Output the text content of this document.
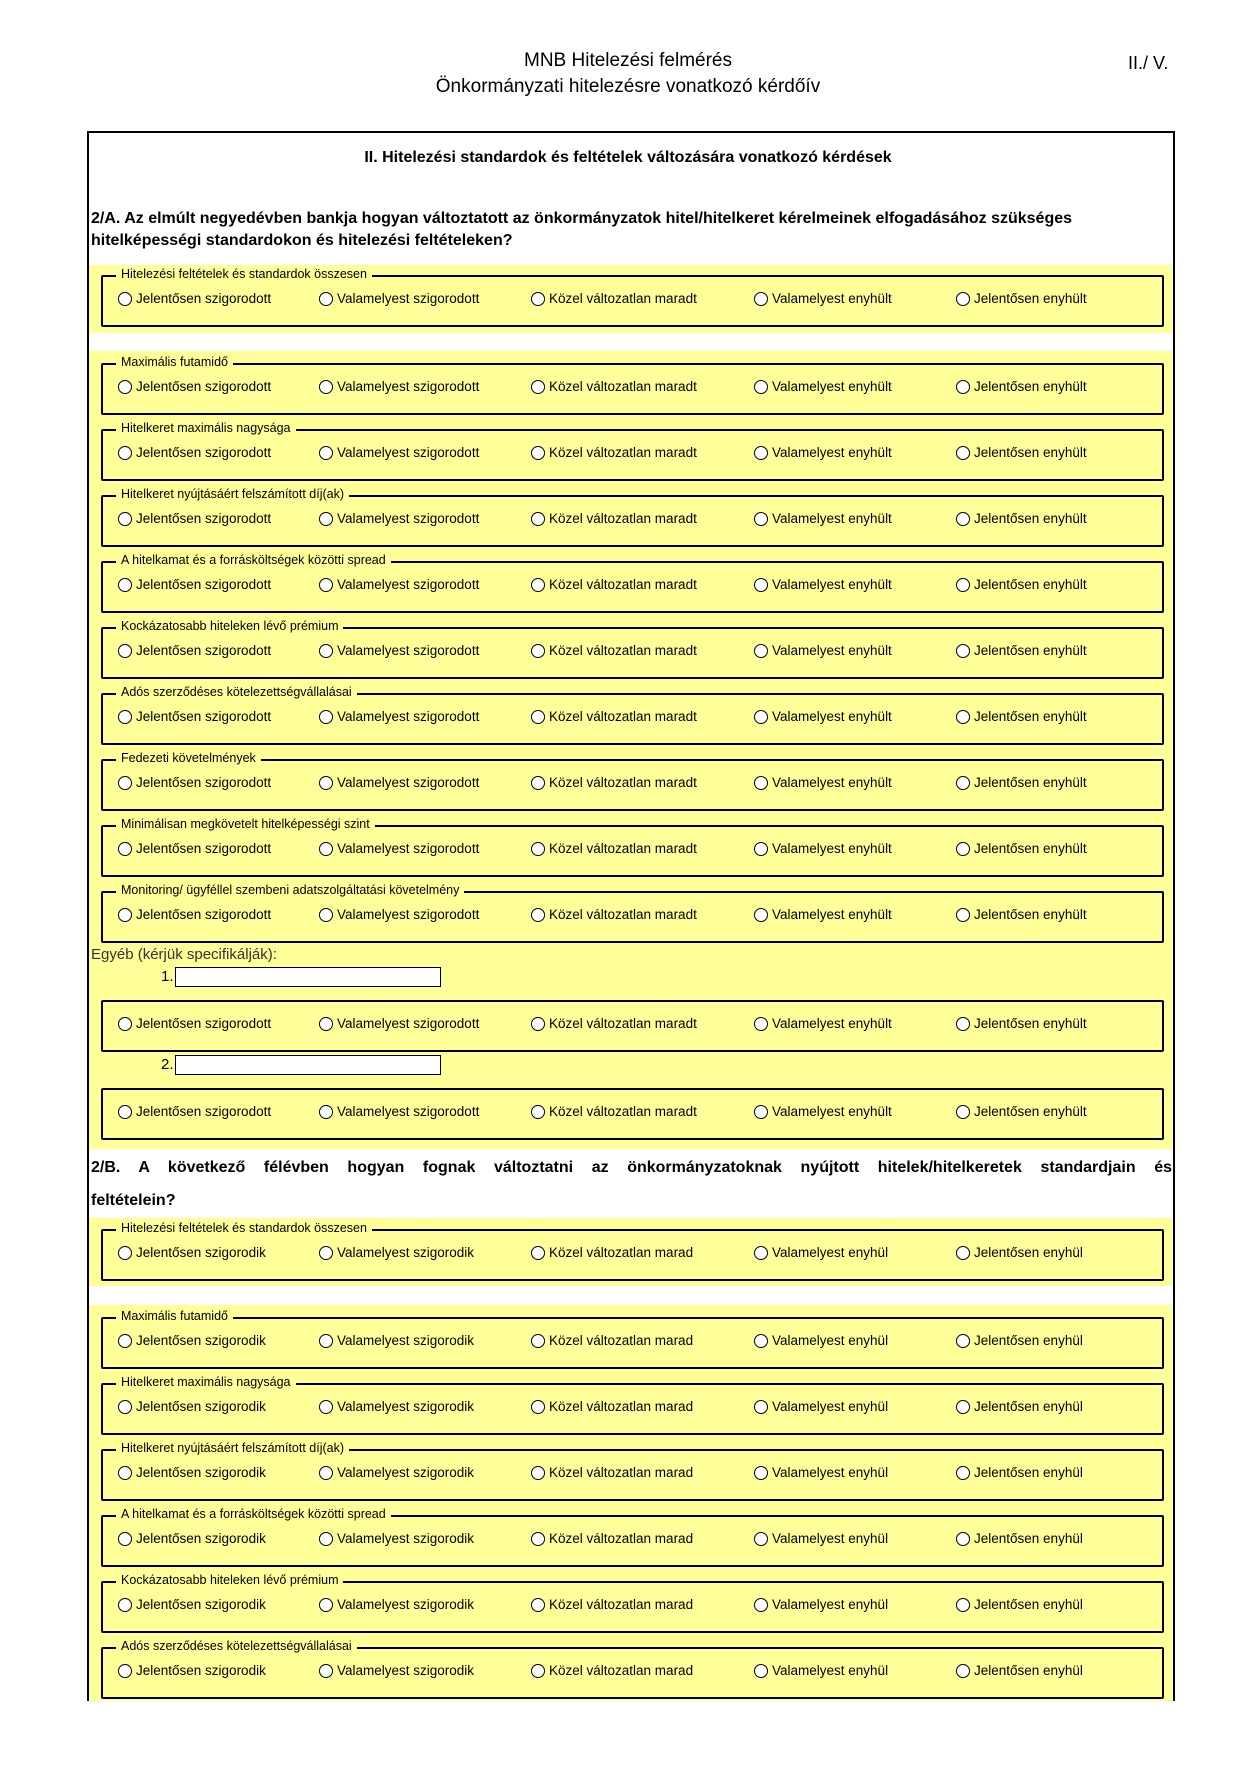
MNB Hitelezési felmérés
Önkormányzati hitelezésre vonatkozó kérdőív
II./ V.
II. Hitelezési standardok és feltételek változására vonatkozó kérdések
2/A. Az elmúlt negyedévben bankja hogyan változtatott az önkormányzatok hitel/hitelkeret kérelmeinek elfogadásához szükséges hitelképességi standardokon és hitelezési feltételeken?
2/B. A következő félévben hogyan fognak változtatni az önkormányzatoknak nyújtott hitelek/hitelkeretek standardjain és
feltételein?
Hitelezési feltételek és standardok összesen
Jelentősen szigorodott	Valamelyest szigorodott	Közel változatlan maradt	Valamelyest enyhült	Jelentősen enyhült
Maximális futamidő
Jelentősen szigorodott	Valamelyest szigorodott	Közel változatlan maradt	Valamelyest enyhült	Jelentősen enyhült
Hitelkeret maximális nagysága
Jelentősen szigorodott	Valamelyest szigorodott	Közel változatlan maradt	Valamelyest enyhült	Jelentősen enyhült
Hitelkeret nyújtásáért felszámított díj(ak)
Jelentősen szigorodott	Valamelyest szigorodott	Közel változatlan maradt	Valamelyest enyhült	Jelentősen enyhült
A hitelkamat és a forrásköltségek közötti spread
Jelentősen szigorodott	Valamelyest szigorodott	Közel változatlan maradt	Valamelyest enyhült	Jelentősen enyhült
Kockázatosabb hiteleken lévő prémium
Jelentősen szigorodott	Valamelyest szigorodott	Közel változatlan maradt	Valamelyest enyhült	Jelentősen enyhült
Adós szerződéses kötelezettségvállalásai
Jelentősen szigorodott	Valamelyest szigorodott	Közel változatlan maradt	Valamelyest enyhült	Jelentősen enyhült
Fedezeti követelmények
Jelentősen szigorodott	Valamelyest szigorodott	Közel változatlan maradt	Valamelyest enyhült	Jelentősen enyhült
Minimálisan megkövetelt hitelképességi szint
Jelentősen szigorodott	Valamelyest szigorodott	Közel változatlan maradt	Valamelyest enyhült	Jelentősen enyhült
Monitoring/ ügyféllel szembeni adatszolgáltatási követelmény
Jelentősen szigorodott	Valamelyest szigorodott	Közel változatlan maradt	Valamelyest enyhült	Jelentősen enyhült
Jelentősen szigorodott	Valamelyest szigorodott	Közel változatlan maradt	Valamelyest enyhült	Jelentősen enyhült
Jelentősen szigorodott	Valamelyest szigorodott	Közel változatlan maradt	Valamelyest enyhült	Jelentősen enyhült
Hitelezési feltételek és standardok összesen
Jelentősen szigorodik	Valamelyest szigorodik	Közel változatlan marad	Valamelyest enyhül	Jelentősen enyhül
Maximális futamidő
Jelentősen szigorodik	Valamelyest szigorodik	Közel változatlan marad	Valamelyest enyhül	Jelentősen enyhül
Hitelkeret maximális nagysága
Jelentősen szigorodik	Valamelyest szigorodik	Közel változatlan marad	Valamelyest enyhül	Jelentősen enyhül
Hitelkeret nyújtásáért felszámított díj(ak)
Jelentősen szigorodik	Valamelyest szigorodik	Közel változatlan marad	Valamelyest enyhül	Jelentősen enyhül
A hitelkamat és a forrásköltségek közötti spread
Jelentősen szigorodik	Valamelyest szigorodik	Közel változatlan marad	Valamelyest enyhül	Jelentősen enyhül
Kockázatosabb hiteleken lévő prémium
Jelentősen szigorodik	Valamelyest szigorodik	Közel változatlan marad	Valamelyest enyhül	Jelentősen enyhül
Adós szerződéses kötelezettségvállalásai
Jelentősen szigorodik	Valamelyest szigorodik	Közel változatlan marad	Valamelyest enyhül	Jelentősen enyhül
Egyéb (kérjük specifikálják):
1.
2.
